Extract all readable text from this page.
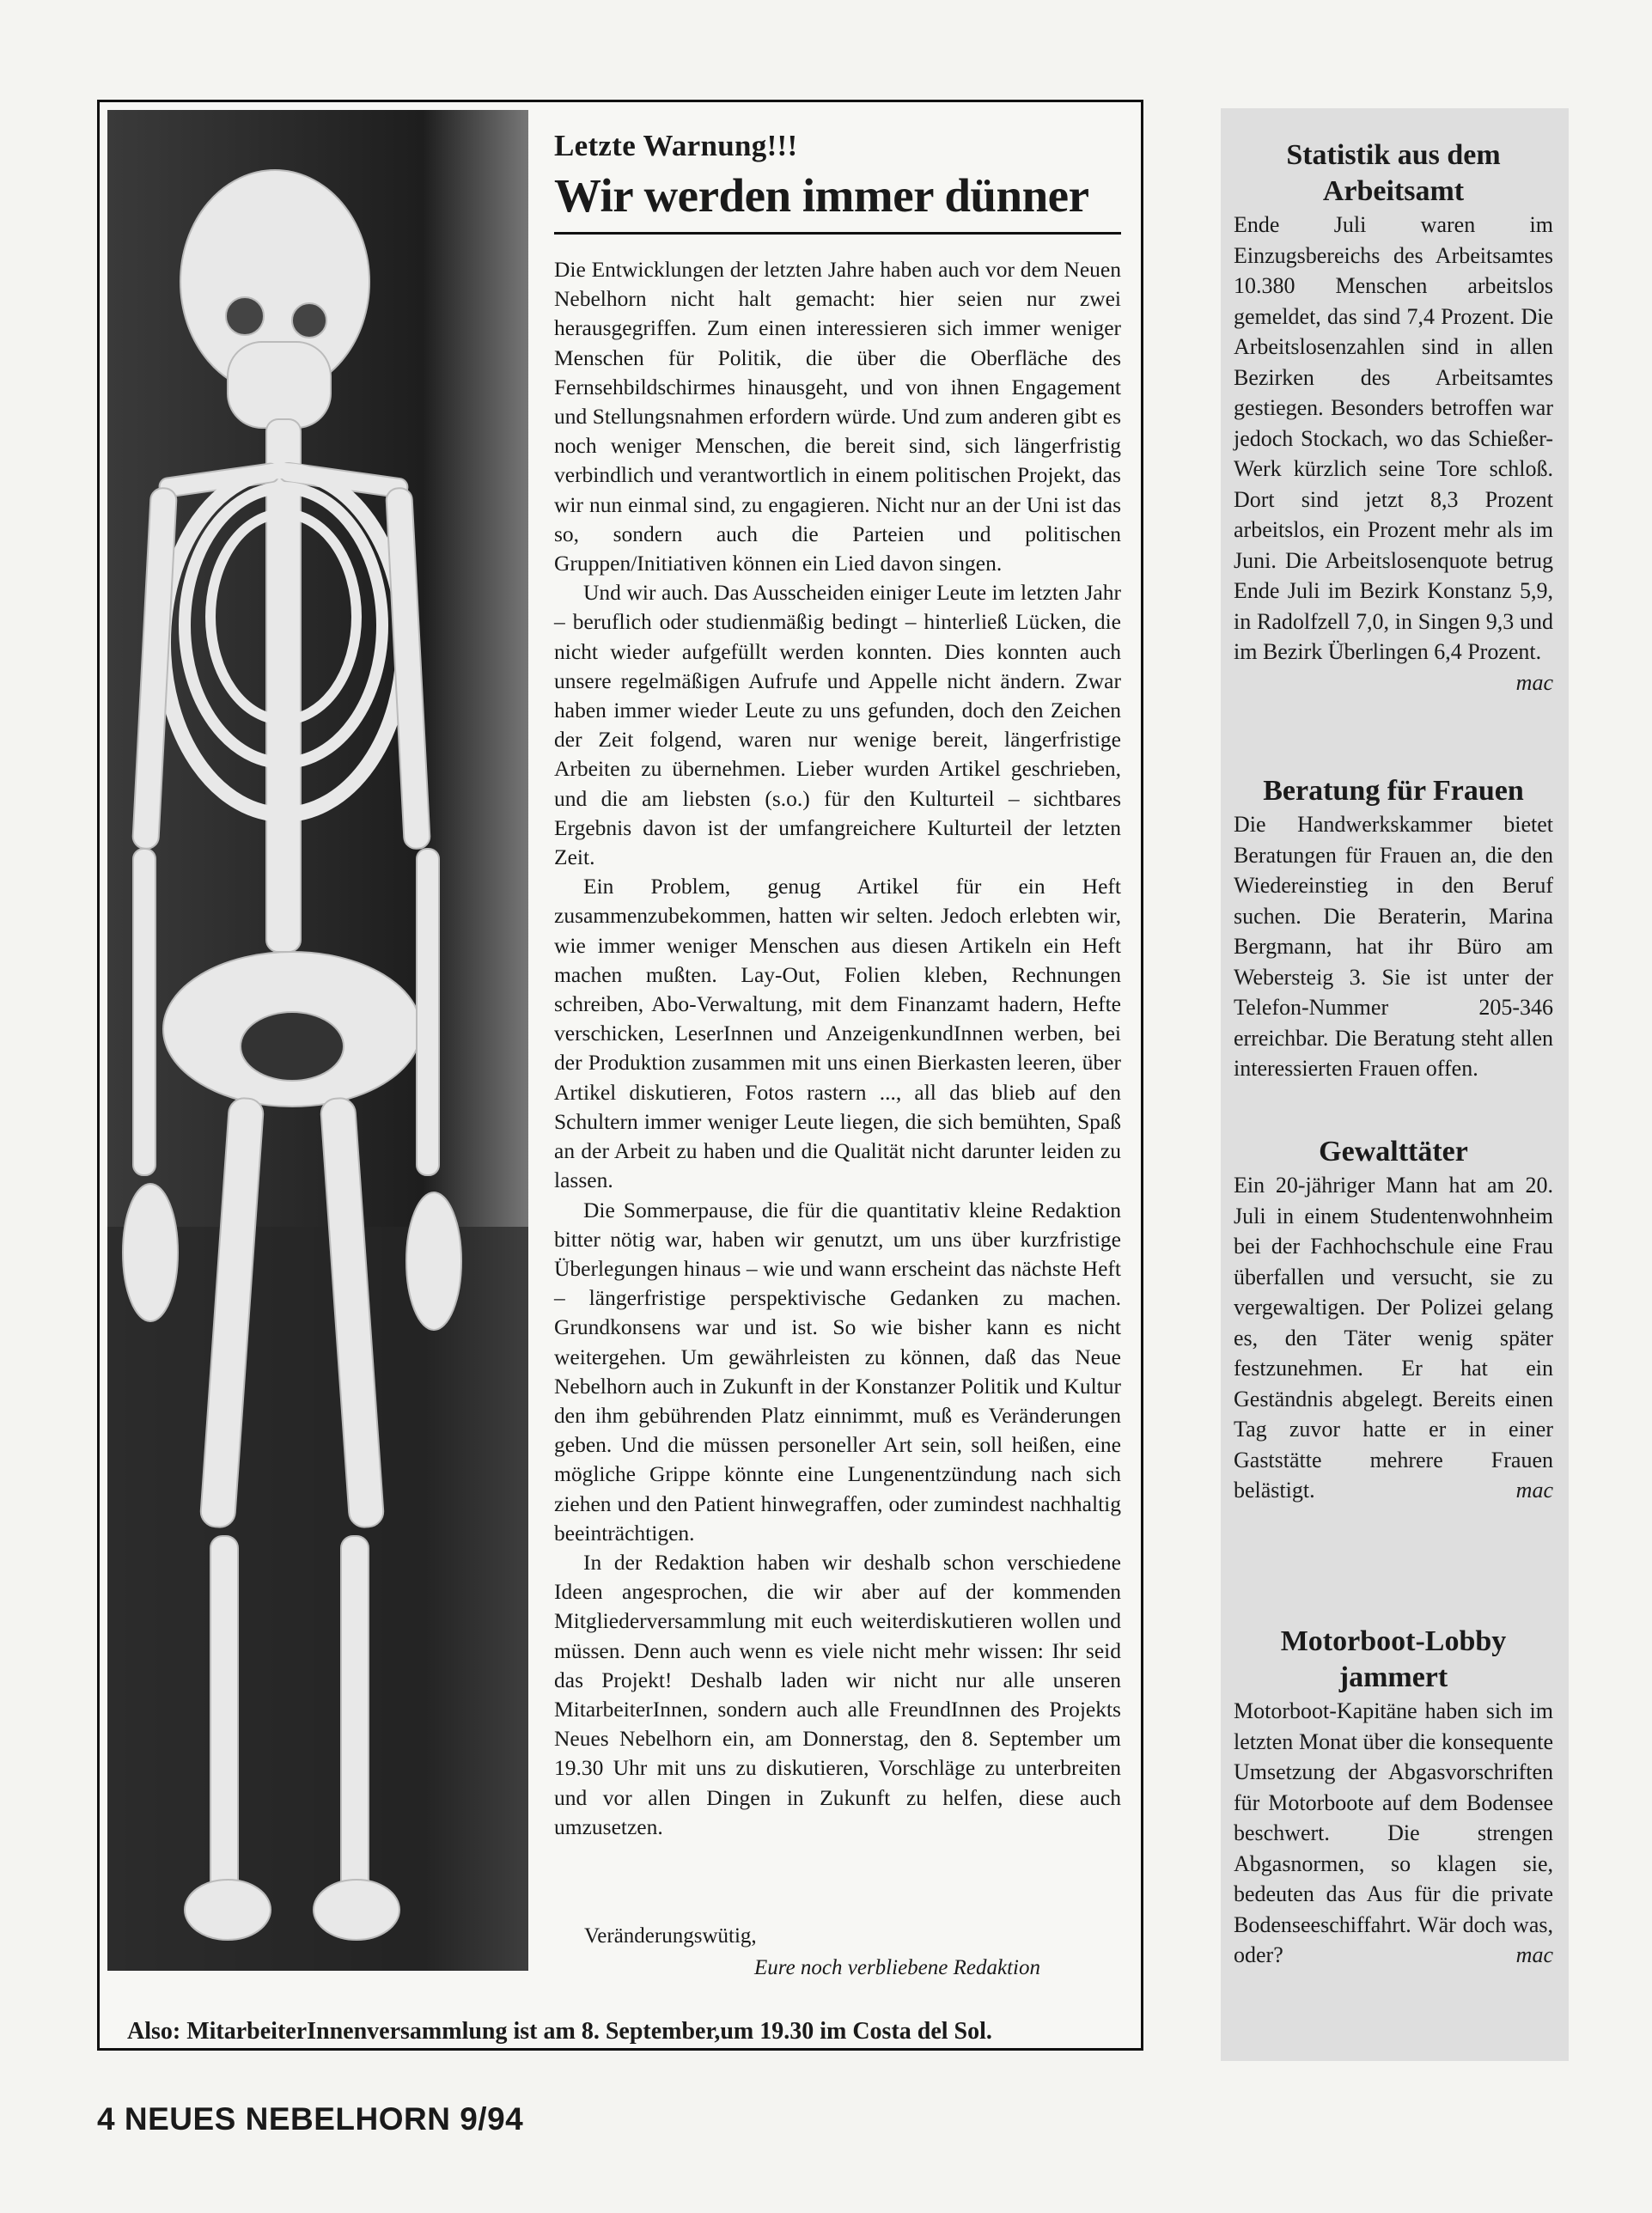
Letzte Warnung!!!
Wir werden immer dünner

Die Entwicklungen der letzten Jahre haben auch vor dem Neuen Nebelhorn nicht halt gemacht: hier seien nur zwei herausgegriffen. Zum einen interessieren sich immer weniger Menschen für Politik, die über die Oberfläche des Fernsehbildschirmes hinausgeht, und von ihnen Engagement und Stellungsnahmen erfordern würde. Und zum anderen gibt es noch weniger Menschen, die bereit sind, sich längerfristig verbindlich und verantwortlich in einem politischen Projekt, das wir nun einmal sind, zu engagieren. Nicht nur an der Uni ist das so, sondern auch die Parteien und politischen Gruppen/Initiativen können ein Lied davon singen.

Und wir auch. Das Ausscheiden einiger Leute im letzten Jahr – beruflich oder studienmäßig bedingt – hinterließ Lücken, die nicht wieder aufgefüllt werden konnten. Dies konnten auch unsere regelmäßigen Aufrufe und Appelle nicht ändern. Zwar haben immer wieder Leute zu uns gefunden, doch den Zeichen der Zeit folgend, waren nur wenige bereit, längerfristige Arbeiten zu übernehmen. Lieber wurden Artikel geschrieben, und die am liebsten (s.o.) für den Kulturteil – sichtbares Ergebnis davon ist der umfangreichere Kulturteil der letzten Zeit.

Ein Problem, genug Artikel für ein Heft zusammenzubekommen, hatten wir selten. Jedoch erlebten wir, wie immer weniger Menschen aus diesen Artikeln ein Heft machen mußten. Lay-Out, Folien kleben, Rechnungen schreiben, Abo-Verwaltung, mit dem Finanzamt hadern, Hefte verschicken, LeserInnen und AnzeigenkundInnen werben, bei der Produktion zusammen mit uns einen Bierkasten leeren, über Artikel diskutieren, Fotos rastern ..., all das blieb auf den Schultern immer weniger Leute liegen, die sich bemühten, Spaß an der Arbeit zu haben und die Qualität nicht darunter leiden zu lassen.

Die Sommerpause, die für die quantitativ kleine Redaktion bitter nötig war, haben wir genutzt, um uns über kurzfristige Überlegungen hinaus – wie und wann erscheint das nächste Heft – längerfristige perspektivische Gedanken zu machen. Grundkonsens war und ist. So wie bisher kann es nicht weitergehen. Um gewährleisten zu können, daß das Neue Nebelhorn auch in Zukunft in der Konstanzer Politik und Kultur den ihm gebührenden Platz einnimmt, muß es Veränderungen geben. Und die müssen personeller Art sein, soll heißen, eine mögliche Grippe könnte eine Lungenentzündung nach sich ziehen und den Patient hinwegraffen, oder zumindest nachhaltig beeinträchtigen.

In der Redaktion haben wir deshalb schon verschiedene Ideen angesprochen, die wir aber auf der kommenden Mitgliederversammlung mit euch weiterdiskutieren wollen und müssen. Denn auch wenn es viele nicht mehr wissen: Ihr seid das Projekt! Deshalb laden wir nicht nur alle unseren MitarbeiterInnen, sondern auch alle FreundInnen des Projekts Neues Nebelhorn ein, am Donnerstag, den 8. September um 19.30 Uhr mit uns zu diskutieren, Vorschläge zu unterbreiten und vor allen Dingen in Zukunft zu helfen, diese auch umzusetzen.

Veränderungswütig,
Eure noch verbliebene Redaktion
Also: MitarbeiterInnenversammlung ist am 8. September,um 19.30 im Costa del Sol.
Statistik aus dem Arbeitsamt

Ende Juli waren im Einzugsbereichs des Arbeitsamtes 10.380 Menschen arbeitslos gemeldet, das sind 7,4 Prozent. Die Arbeitslosenzahlen sind in allen Bezirken des Arbeitsamtes gestiegen. Besonders betroffen war jedoch Stockach, wo das Schießer-Werk kürzlich seine Tore schloß. Dort sind jetzt 8,3 Prozent arbeitslos, ein Prozent mehr als im Juni. Die Arbeitslosenquote betrug Ende Juli im Bezirk Konstanz 5,9, in Radolfzell 7,0, in Singen 9,3 und im Bezirk Überlingen 6,4 Prozent.
mac

Beratung für Frauen

Die Handwerkskammer bietet Beratungen für Frauen an, die den Wiedereinstieg in den Beruf suchen. Die Beraterin, Marina Bergmann, hat ihr Büro am Webersteig 3. Sie ist unter der Telefon-Nummer 205-346 erreichbar. Die Beratung steht allen interessierten Frauen offen.

Gewalttäter

Ein 20-jähriger Mann hat am 20. Juli in einem Studentenwohnheim bei der Fachhochschule eine Frau überfallen und versucht, sie zu vergewaltigen. Der Polizei gelang es, den Täter wenig später festzunehmen. Er hat ein Geständnis abgelegt. Bereits einen Tag zuvor hatte er in einer Gaststätte mehrere Frauen belästigt.	mac

Motorboot-Lobby jammert

Motorboot-Kapitäne haben sich im letzten Monat über die konsequente Umsetzung der Abgasvorschriften für Motorboote auf dem Bodensee beschwert. Die strengen Abgasnormen, so klagen sie, bedeuten das Aus für die private Bodenseeschiffahrt. Wär doch was, oder?	mac

4 NEUES NEBELHORN 9/94
